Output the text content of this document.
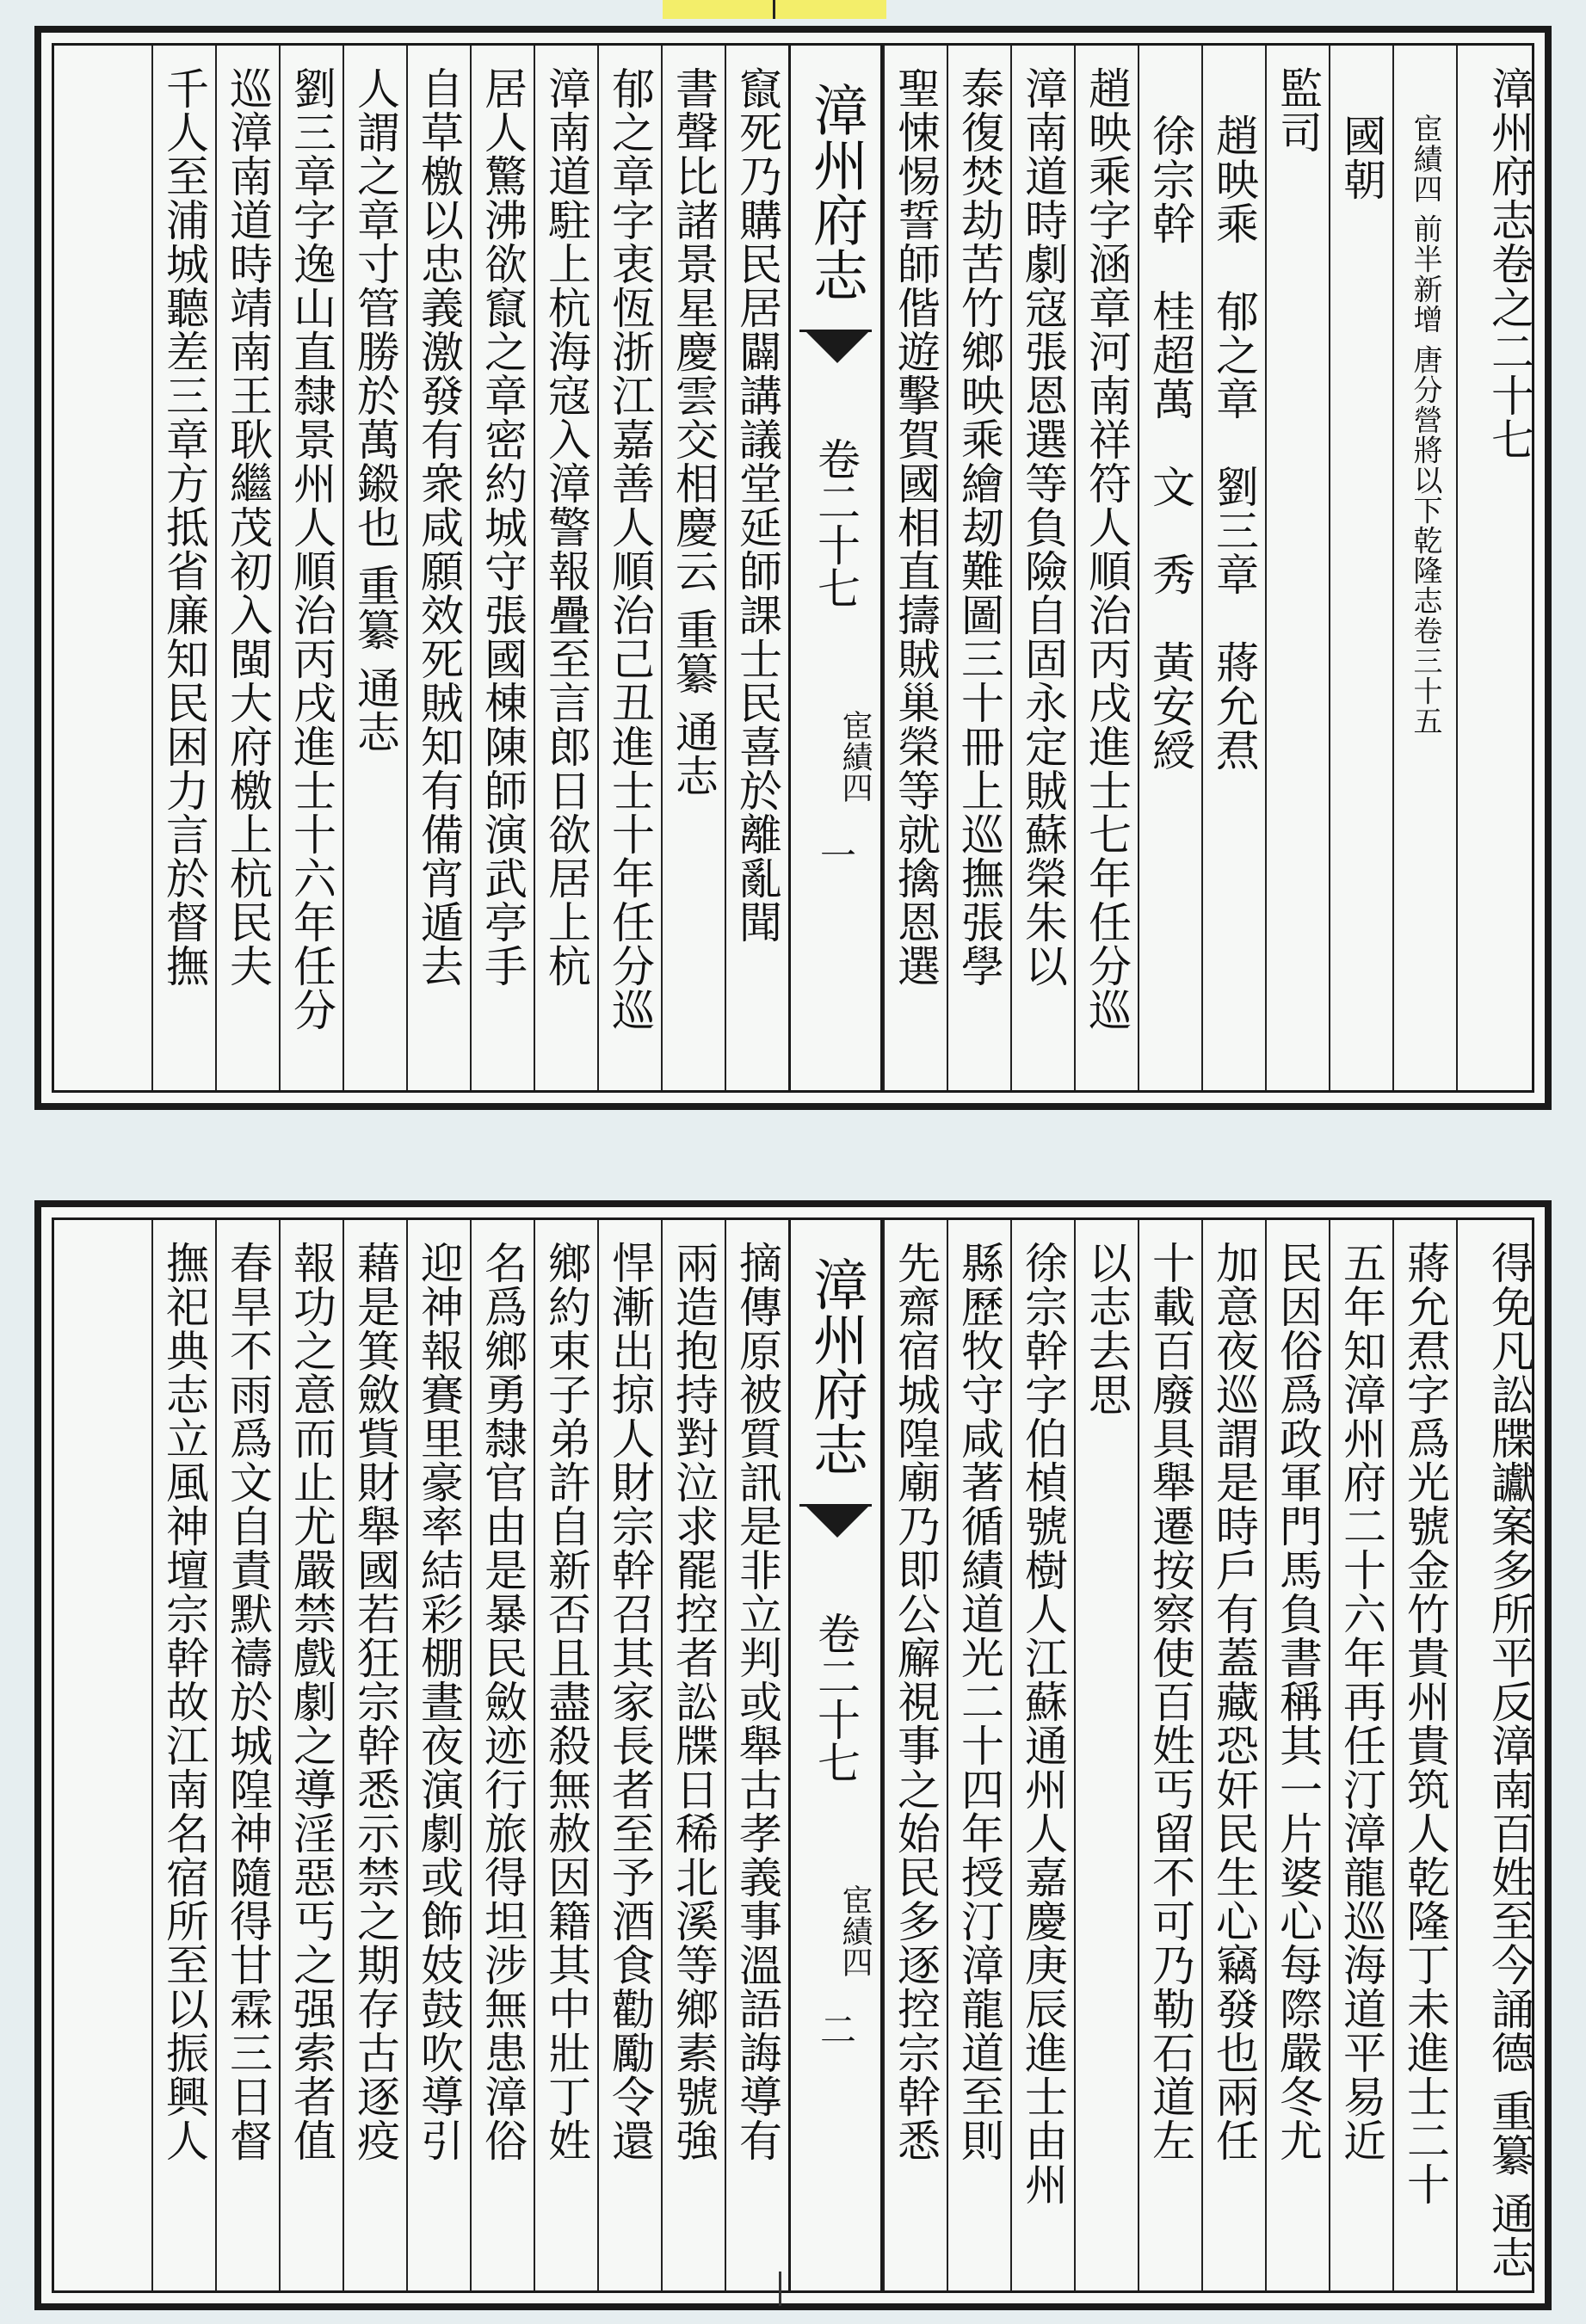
漳州府志卷之二十七
宦績四 前半新增 唐分營將以下乾隆志卷三十五
國朝
監司
趙映乘　郁之章　劉三章　蔣允焄
徐宗幹　桂超萬　文　秀　黃安綬
趙映乘字涵章河南祥符人順治丙戌進士七年任分巡
漳南道時劇寇張恩選等負險自固永定賊蘇榮朱以
泰復焚劫苦竹鄉映乘繪刼難圖三十冊上巡撫張學
聖悚惕誓師偕遊擊賀國相直擣賊巢榮等就擒恩選
漳州府志
卷二十七
宦績四
一
竄死乃購民居闢講議堂延師課士民喜於離亂聞
書聲比諸景星慶雲交相慶云 重纂 通志
郁之章字衷恆浙江嘉善人順治己丑進士十年任分巡
漳南道駐上杭海寇入漳警報疊至言郎日欲居上杭
居人驚沸欲竄之章密約城守張國棟陳師演武亭手
自草檄以忠義激發有衆咸願效死賊知有備宵遁去
人謂之章寸管勝於萬鎩也 重纂 通志
劉三章字逸山直隸景州人順治丙戌進士十六年任分
巡漳南道時靖南王耿繼茂初入閩大府檄上杭民夫
千人至浦城聽差三章方抵省廉知民困力言於督撫
得免凡訟牒讞案多所平反漳南百姓至今誦德 重纂 通志
蔣允焄字爲光號金竹貴州貴筑人乾隆丁未進士二十
五年知漳州府二十六年再任汀漳龍巡海道平易近
民因俗爲政軍門馬負書稱其一片婆心每際嚴冬尤
加意夜巡謂是時戶有蓋藏恐奸民生心竊發也兩任
十載百廢具舉遷按察使百姓丐留不可乃勒石道左
以志去思
徐宗幹字伯楨號樹人江蘇通州人嘉慶庚辰進士由州
縣歷牧守咸著循績道光二十四年授汀漳龍道至則
先齋宿城隍廟乃即公廨視事之始民多逐控宗幹悉
漳州府志
卷二十七
宦績四
二
摘傳原被質訊是非立判或舉古孝義事溫語誨導有
兩造抱持對泣求罷控者訟牒日稀北溪等鄉素號強
悍漸出掠人財宗幹召其家長者至予酒食勸勵令還
鄉約束子弟許自新否且盡殺無赦因籍其中壯丁姓
名爲鄉勇隸官由是暴民斂迹行旅得坦涉無患漳俗
迎神報賽里豪率結彩棚晝夜演劇或飾妓鼓吹導引
藉是箕斂貲財舉國若狂宗幹悉示禁之期存古逐疫
報功之意而止尤嚴禁戲劇之導淫惡丐之强索者值
春旱不雨爲文自責默禱於城隍神隨得甘霖三日督
撫祀典志立風神壇宗幹故江南名宿所至以振興人
